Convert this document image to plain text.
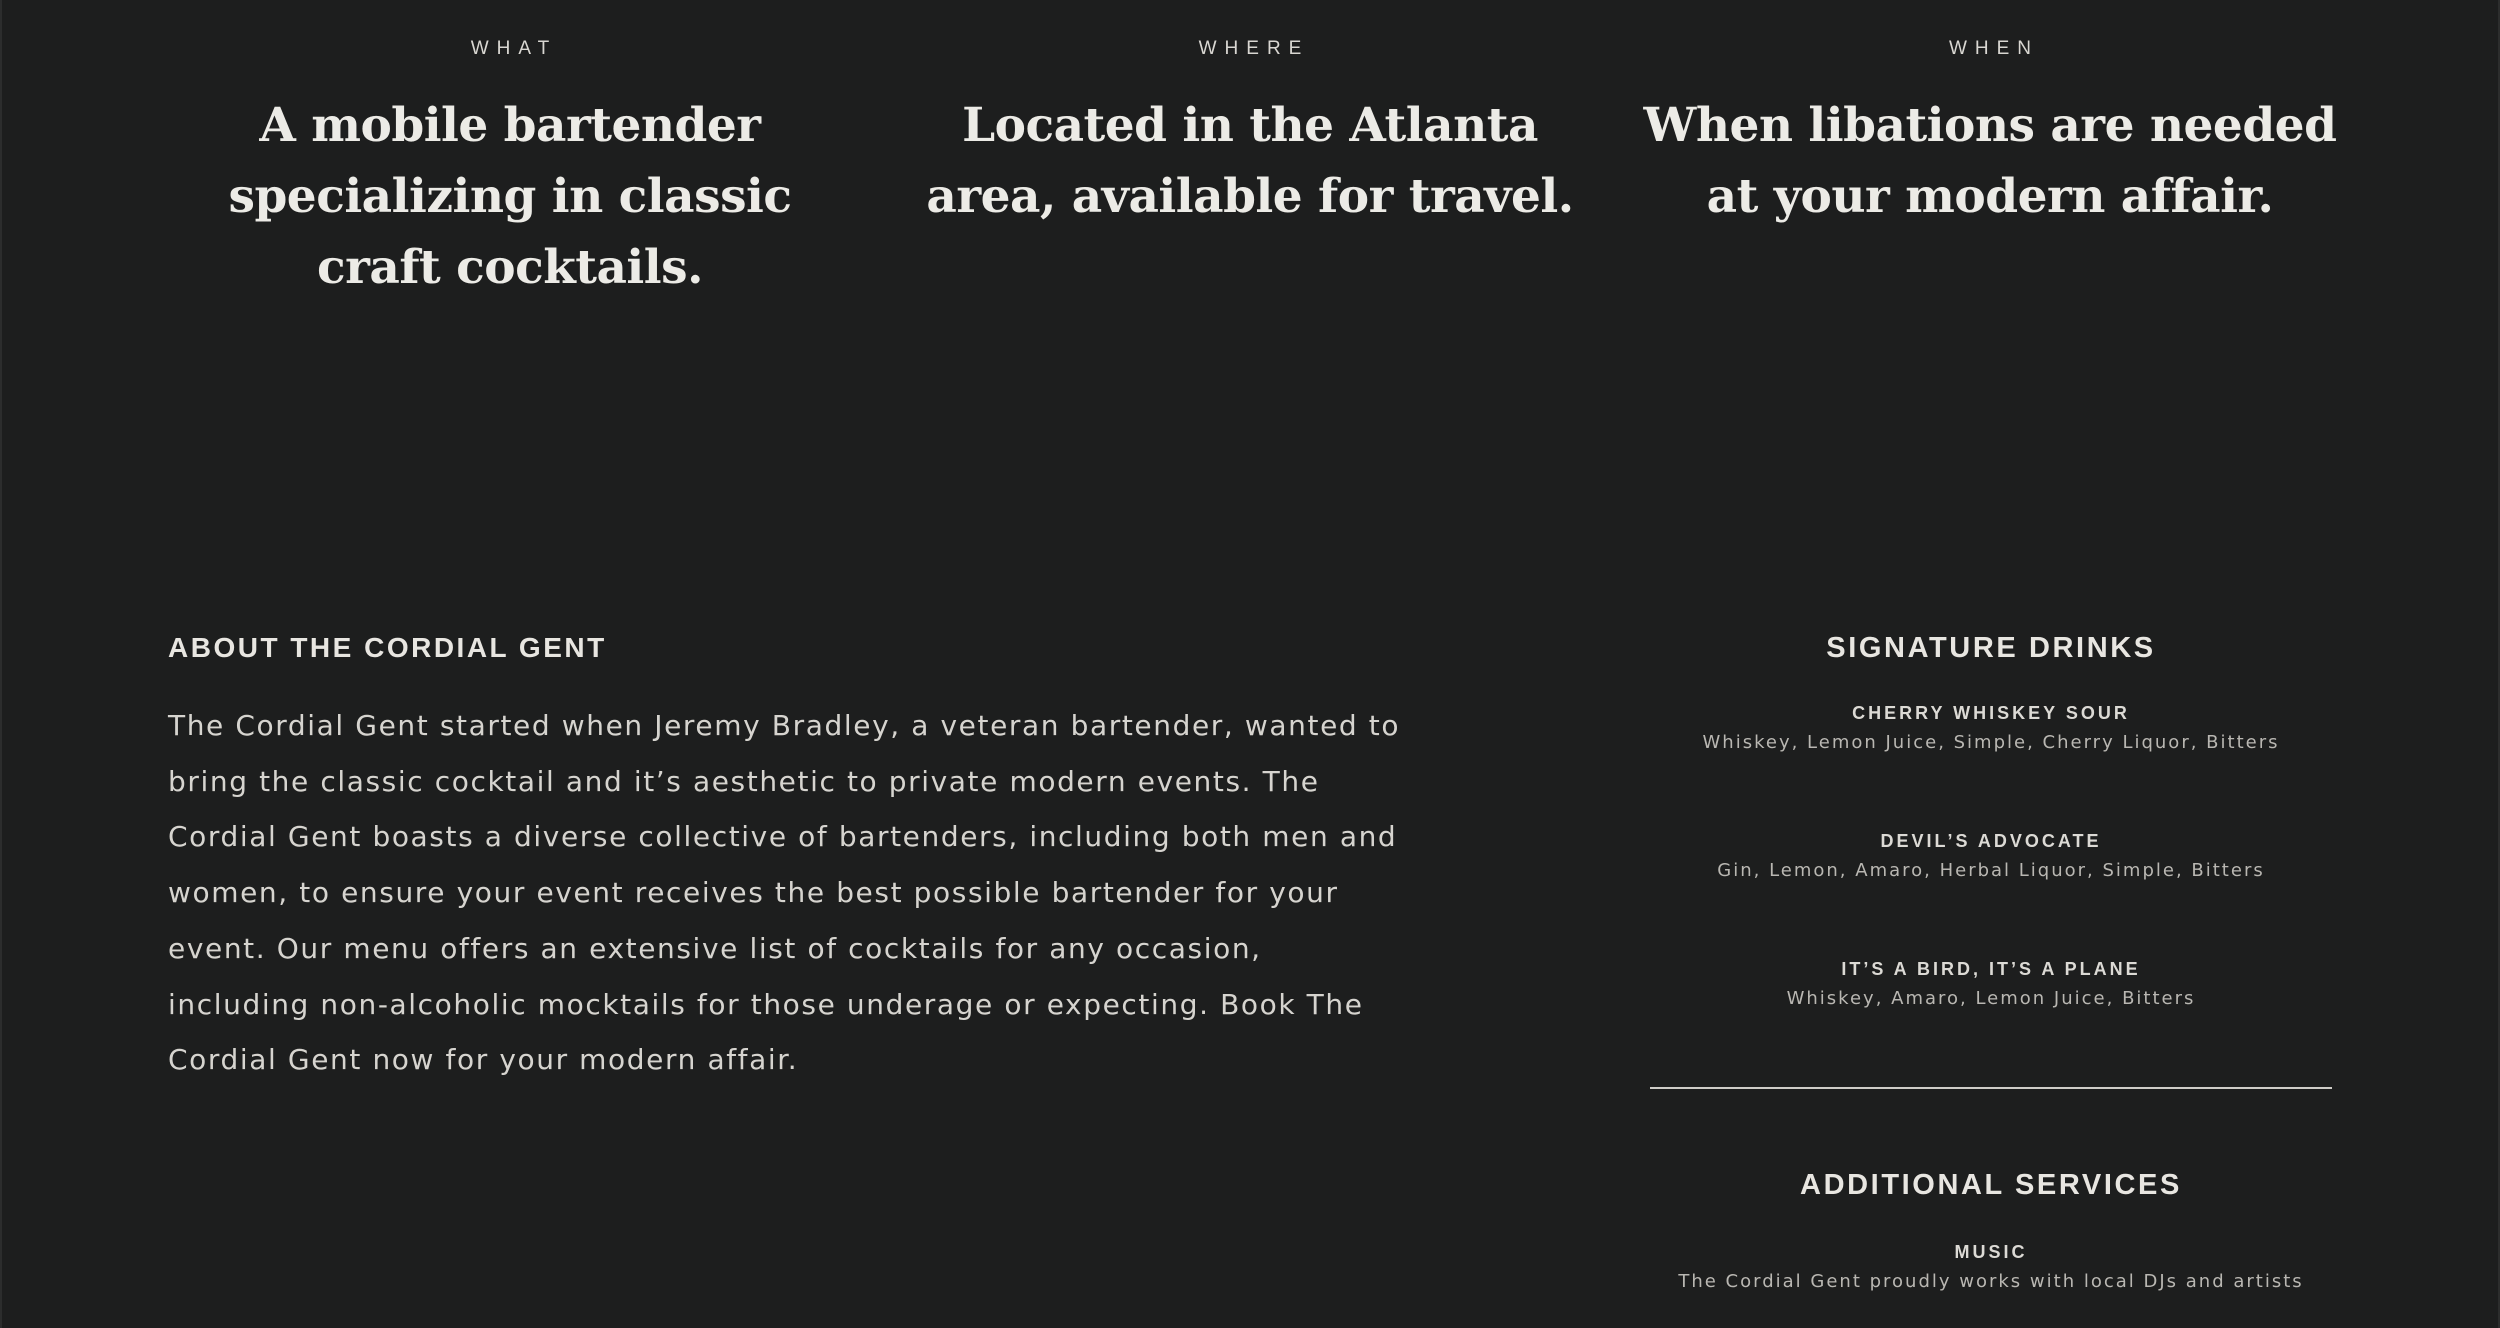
WHAT
A mobile bartender specializing in classic craft cocktails.
WHERE
Located in the Atlanta area, available for travel.
WHEN
When libations are needed at your modern affair.
ABOUT THE CORDIAL GENT

The Cordial Gent started when Jeremy Bradley, a veteran bartender, wanted to bring the classic cocktail and it’s aesthetic to private modern events. The Cordial Gent boasts a diverse collective of bartenders, including both men and women, to ensure your event receives the best possible bartender for your event. Our menu offers an extensive list of cocktails for any occasion, including non-alcoholic mocktails for those underage or expecting. Book The Cordial Gent now for your modern affair.

SIGNATURE DRINKS
CHERRY WHISKEY SOUR
Whiskey, Lemon Juice, Simple, Cherry Liquor, Bitters
DEVIL’S ADVOCATE
Gin, Lemon, Amaro, Herbal Liquor, Simple, Bitters
IT’S A BIRD, IT’S A PLANE
Whiskey, Amaro, Lemon Juice, Bitters
ADDITIONAL SERVICES
MUSIC
The Cordial Gent proudly works with local DJs and artists
